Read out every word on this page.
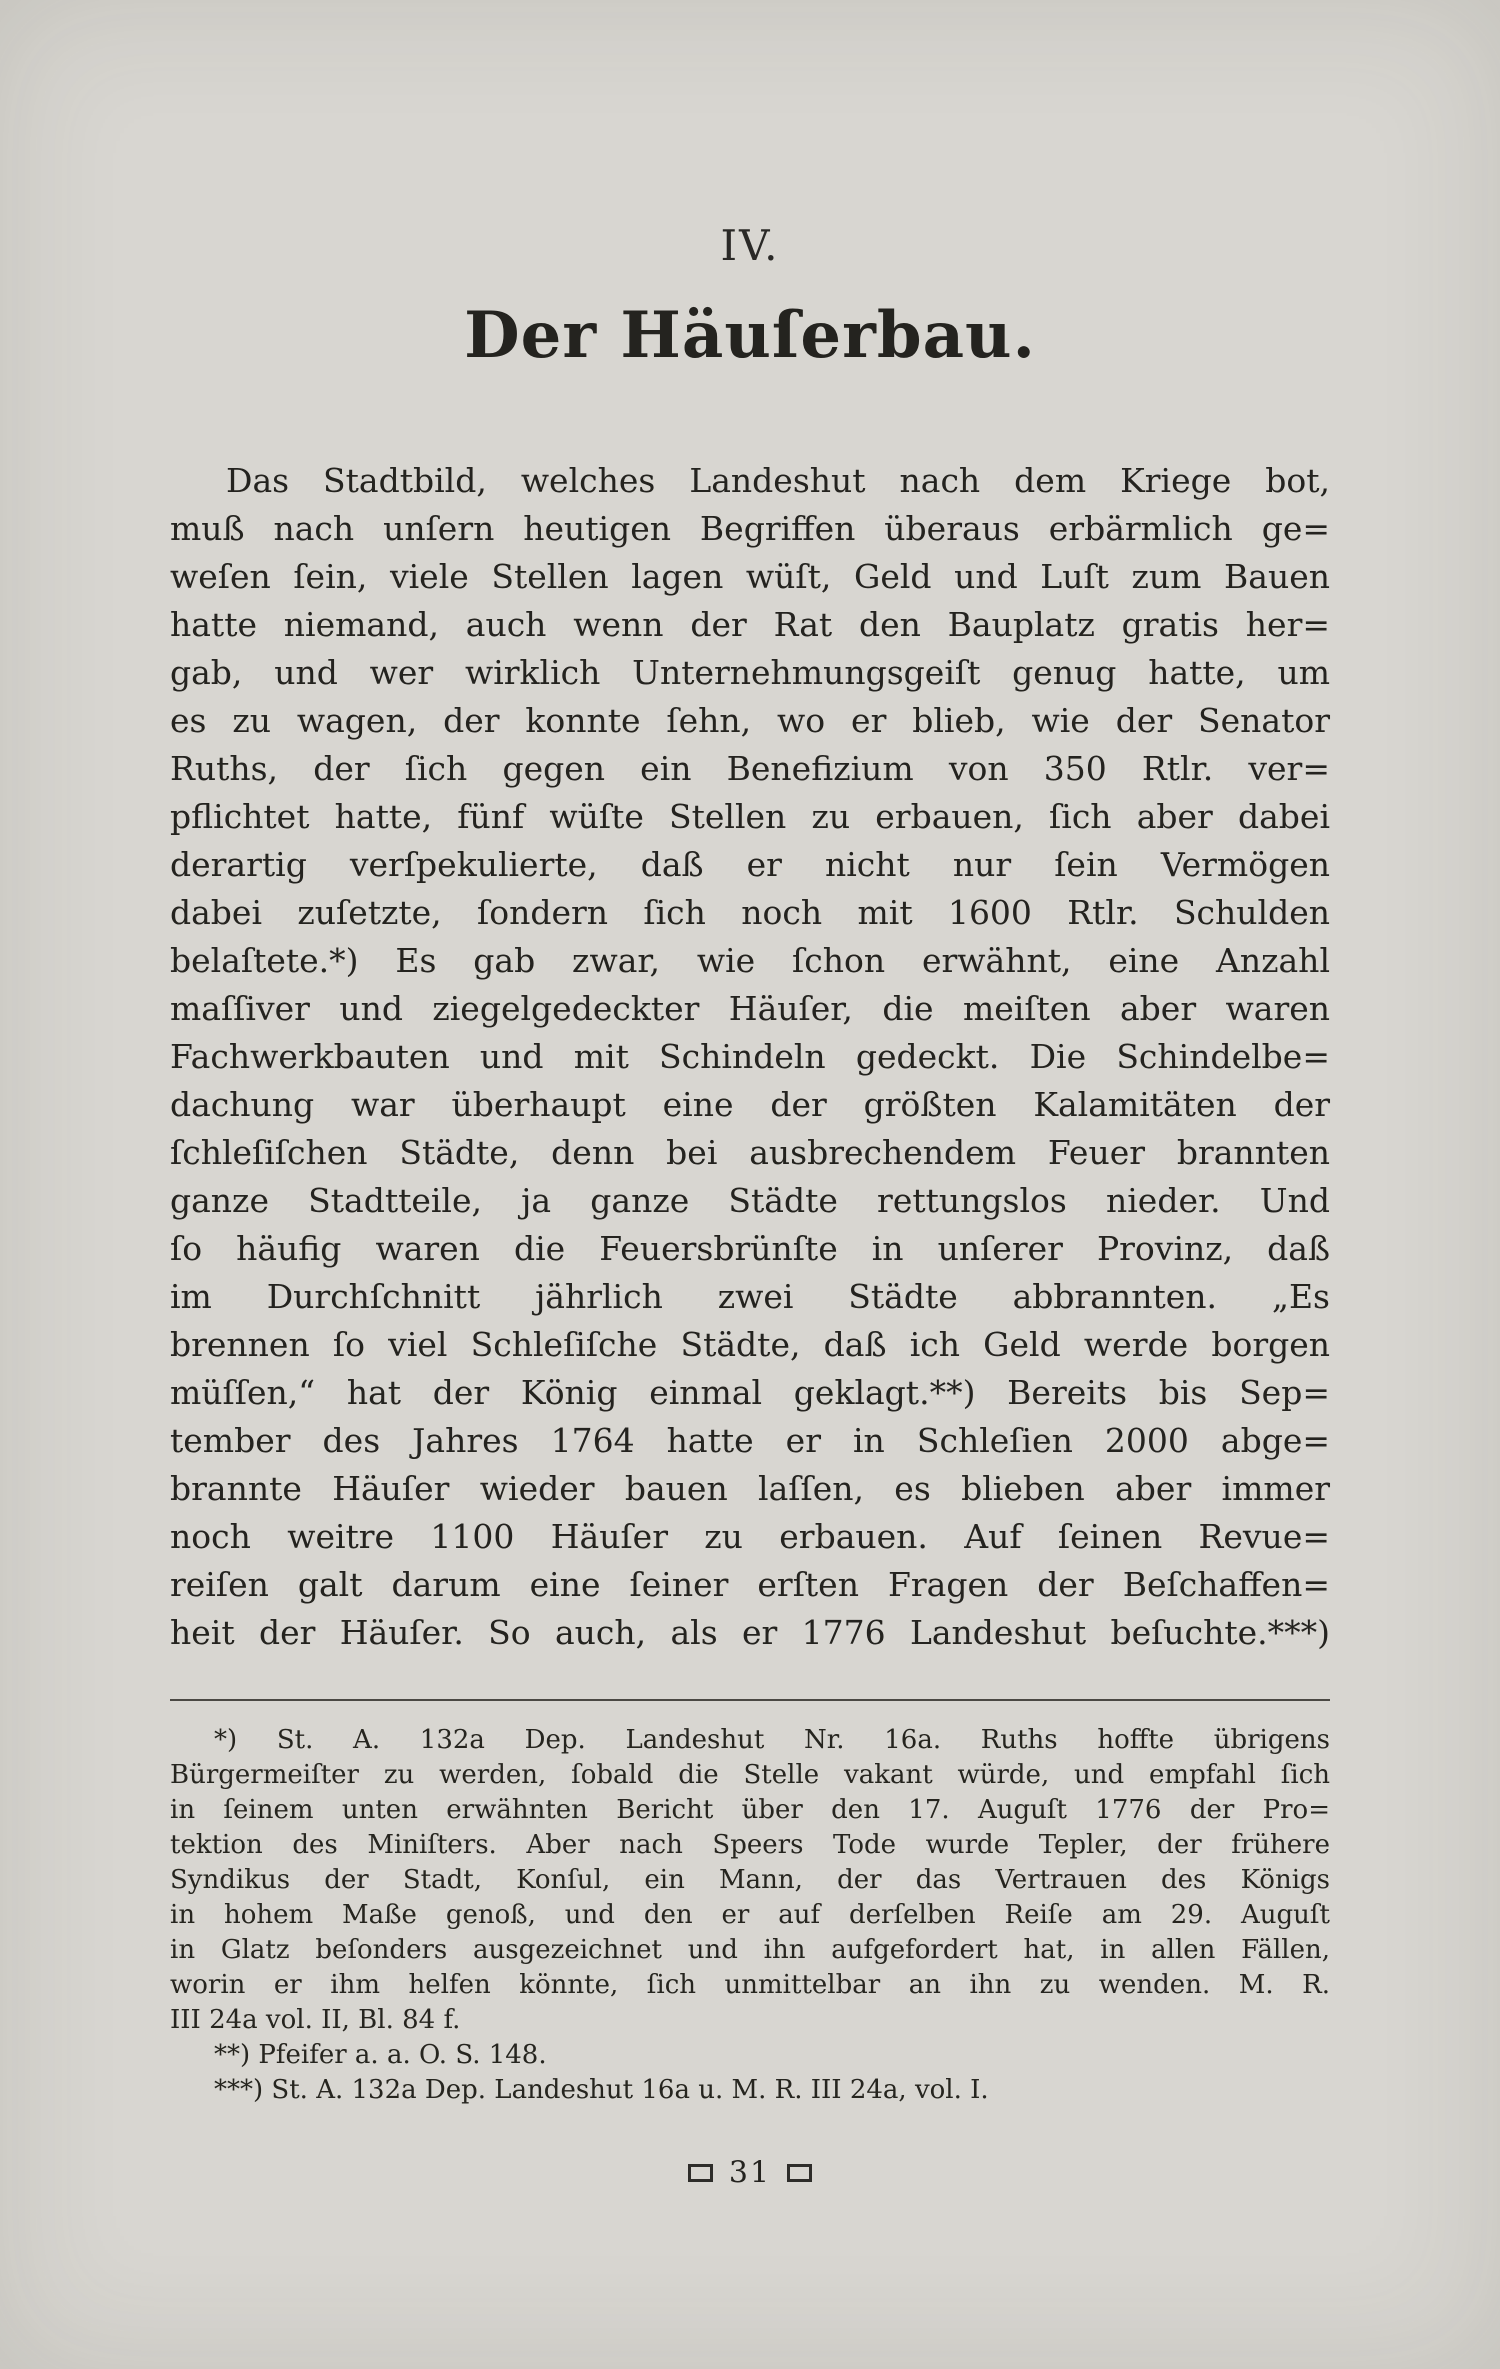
IV.
Der Häuſerbau.
Das Stadtbild, welches Landeshut nach dem Kriege bot,
muß nach unſern heutigen Begriffen überaus erbärmlich ge=
weſen ſein, viele Stellen lagen wüſt, Geld und Luſt zum Bauen
hatte niemand, auch wenn der Rat den Bauplatz gratis her=
gab, und wer wirklich Unternehmungsgeiſt genug hatte, um
es zu wagen, der konnte ſehn, wo er blieb, wie der Senator
Ruths, der ſich gegen ein Benefizium von 350 Rtlr. ver=
pflichtet hatte, fünf wüſte Stellen zu erbauen, ſich aber dabei
derartig verſpekulierte, daß er nicht nur ſein Vermögen
dabei zuſetzte, ſondern ſich noch mit 1600 Rtlr. Schulden
belaſtete.*) Es gab zwar, wie ſchon erwähnt, eine Anzahl
maſſiver und ziegelgedeckter Häuſer, die meiſten aber waren
Fachwerkbauten und mit Schindeln gedeckt. Die Schindelbe=
dachung war überhaupt eine der größten Kalamitäten der
ſchleſiſchen Städte, denn bei ausbrechendem Feuer brannten
ganze Stadtteile, ja ganze Städte rettungslos nieder. Und
ſo häufig waren die Feuersbrünſte in unſerer Provinz, daß
im Durchſchnitt jährlich zwei Städte abbrannten. „Es
brennen ſo viel Schleſiſche Städte, daß ich Geld werde borgen
müſſen,“ hat der König einmal geklagt.**) Bereits bis Sep=
tember des Jahres 1764 hatte er in Schleſien 2000 abge=
brannte Häuſer wieder bauen laſſen, es blieben aber immer
noch weitre 1100 Häuſer zu erbauen. Auf ſeinen Revue=
reiſen galt darum eine ſeiner erſten Fragen der Beſchaffen=
heit der Häuſer. So auch, als er 1776 Landeshut beſuchte.***)
*) St. A. 132a Dep. Landeshut Nr. 16a. Ruths hoffte übrigens
Bürgermeiſter zu werden, ſobald die Stelle vakant würde, und empfahl ſich
in ſeinem unten erwähnten Bericht über den 17. Auguſt 1776 der Pro=
tektion des Miniſters. Aber nach Speers Tode wurde Tepler, der frühere
Syndikus der Stadt, Konſul, ein Mann, der das Vertrauen des Königs
in hohem Maße genoß, und den er auf derſelben Reiſe am 29. Auguſt
in Glatz beſonders ausgezeichnet und ihn aufgefordert hat, in allen Fällen,
worin er ihm helfen könnte, ſich unmittelbar an ihn zu wenden. M. R.
III 24a vol. II, Bl. 84 f.
**) Pfeifer a. a. O. S. 148.
***) St. A. 132a Dep. Landeshut 16a u. M. R. III 24a, vol. I.
31
